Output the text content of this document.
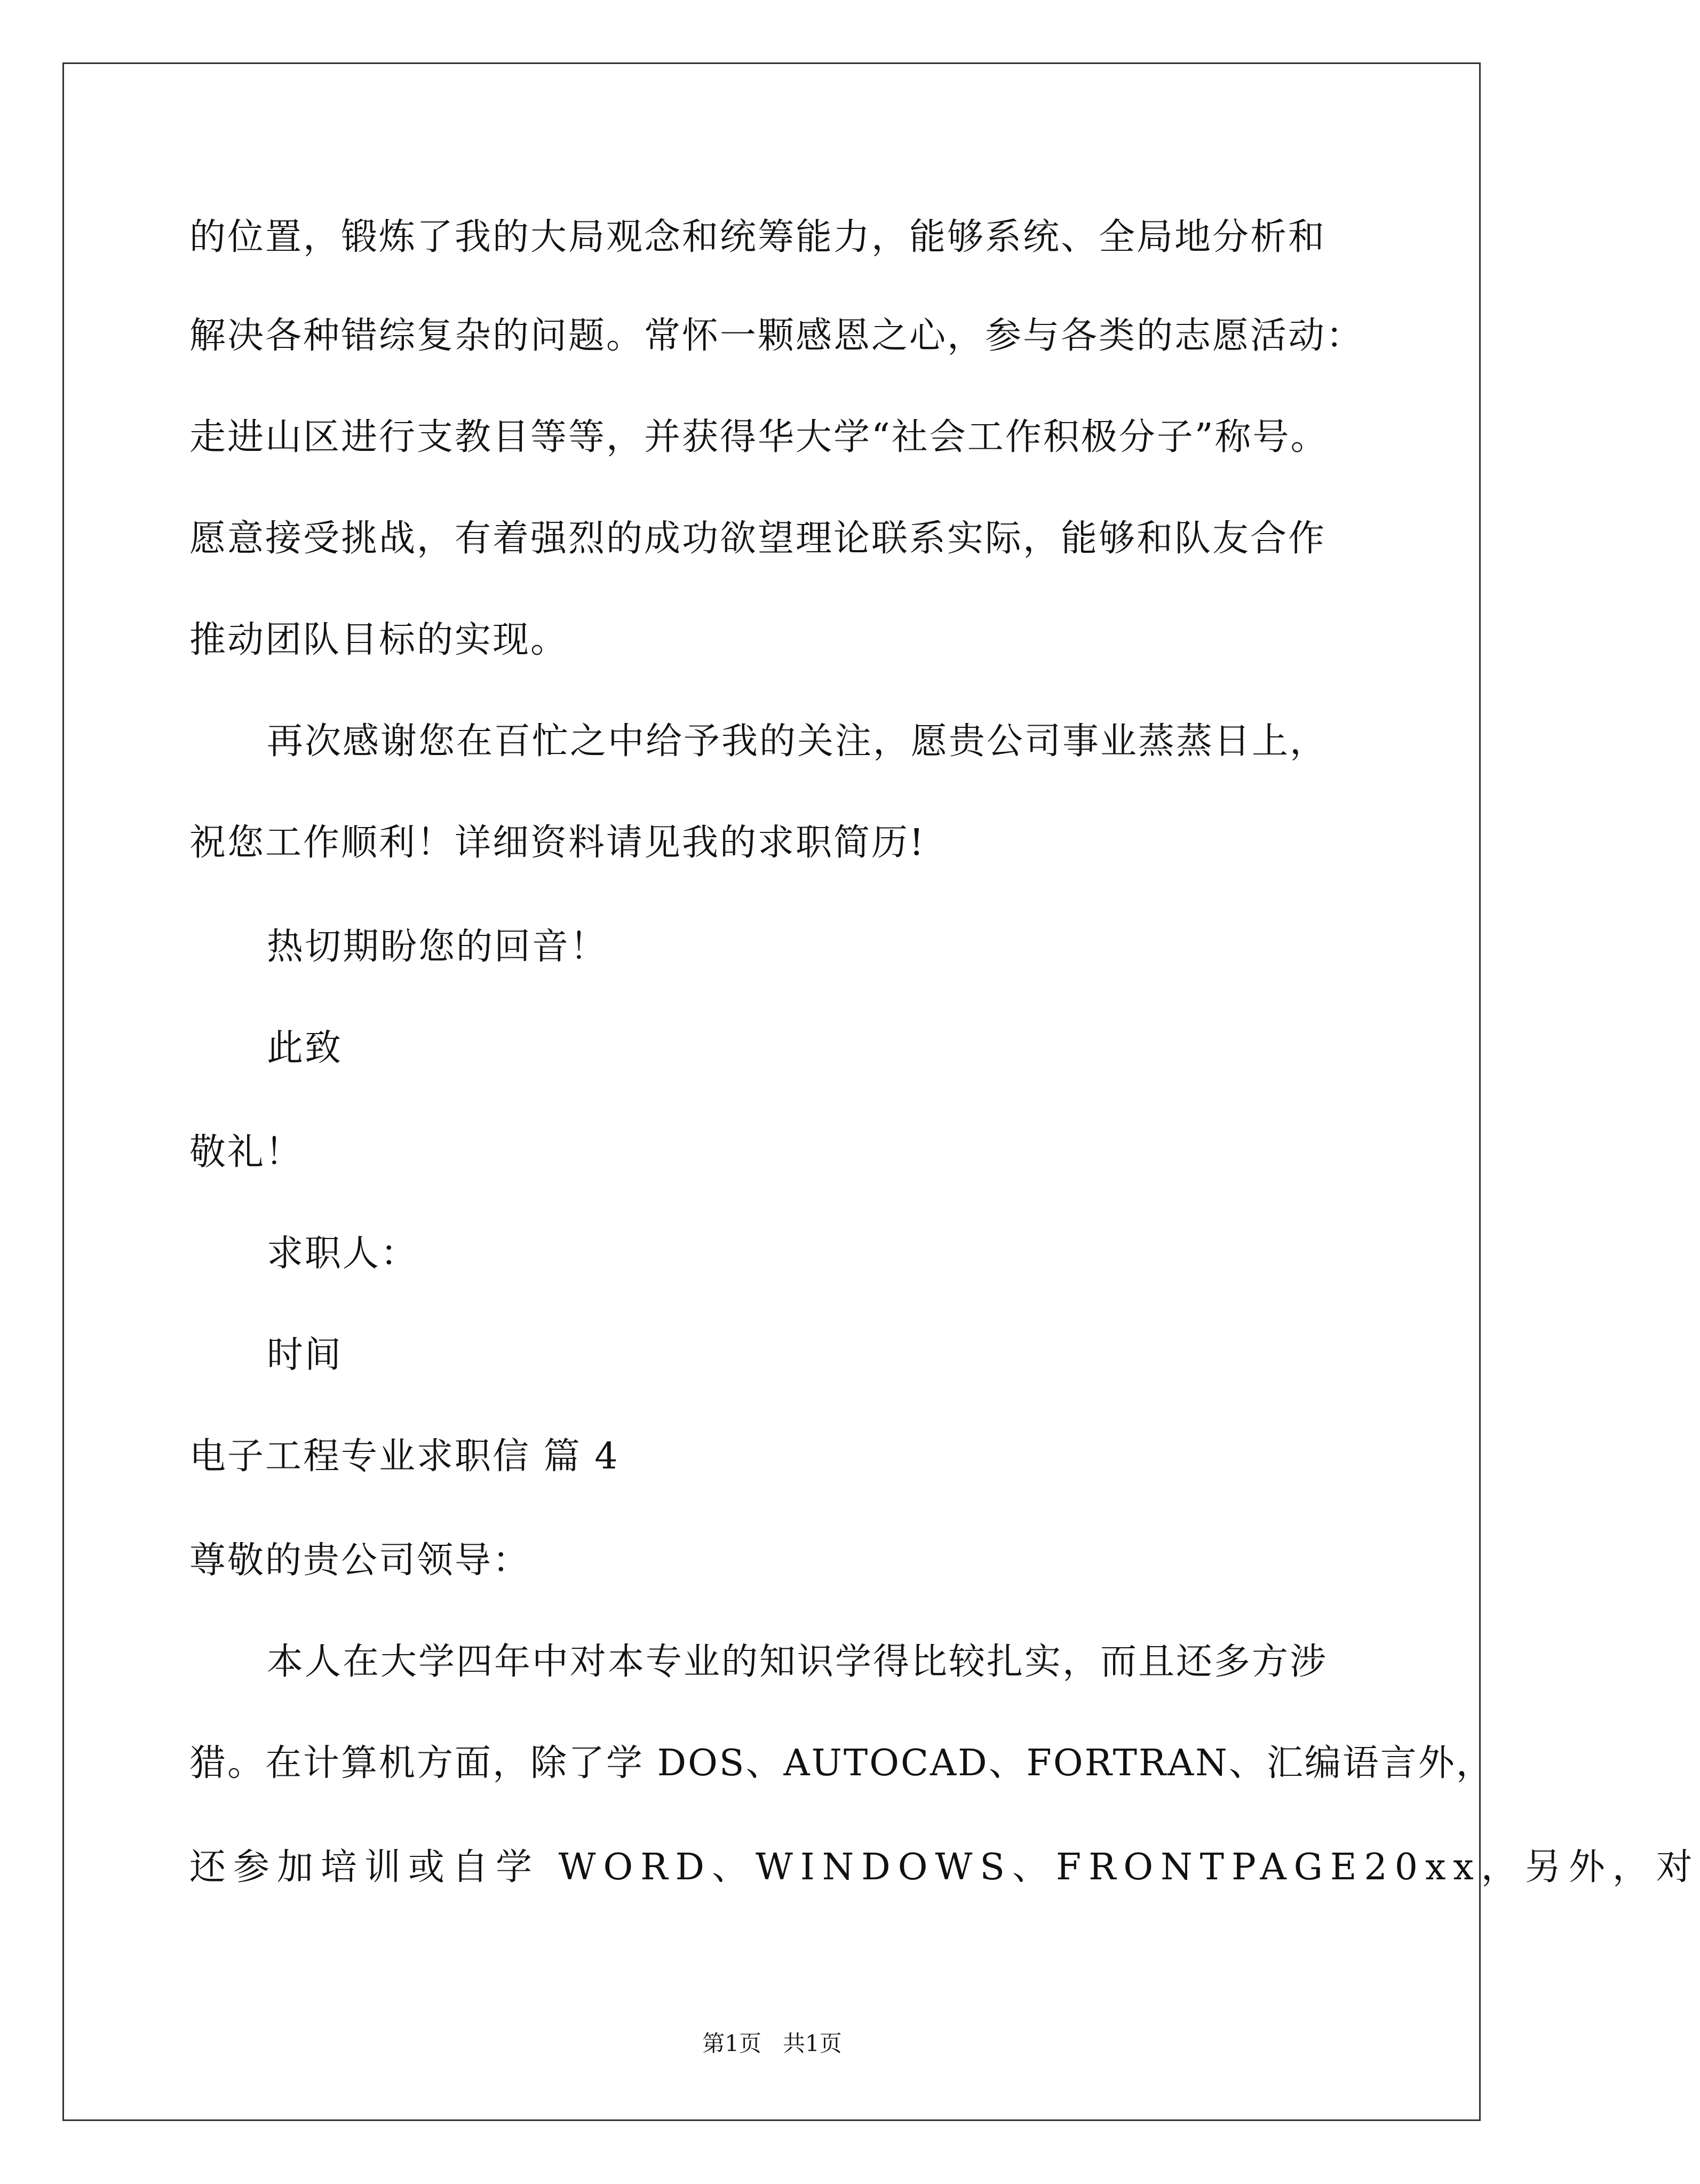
的位置，锻炼了我的大局观念和统筹能力，能够系统、全局地分析和
解决各种错综复杂的问题。常怀一颗感恩之心，参与各类的志愿活动：
走进山区进行支教目等等，并获得华大学“社会工作积极分子”称号。
愿意接受挑战，有着强烈的成功欲望理论联系实际，能够和队友合作
推动团队目标的实现。
再次感谢您在百忙之中给予我的关注，愿贵公司事业蒸蒸日上，
祝您工作顺利！详细资料请见我的求职简历!
热切期盼您的回音！
此致
敬礼！
求职人：
时间
电子工程专业求职信 篇 4
尊敬的贵公司领导：
本人在大学四年中对本专业的知识学得比较扎实，而且还多方涉
猎。在计算机方面，除了学 DOS、AUTOCAD、FORTRAN、汇编语言外，
还参加培训或自学 WORD、WINDOWS、FRONTPAGE20xx，另外，对
第1页   共1页
